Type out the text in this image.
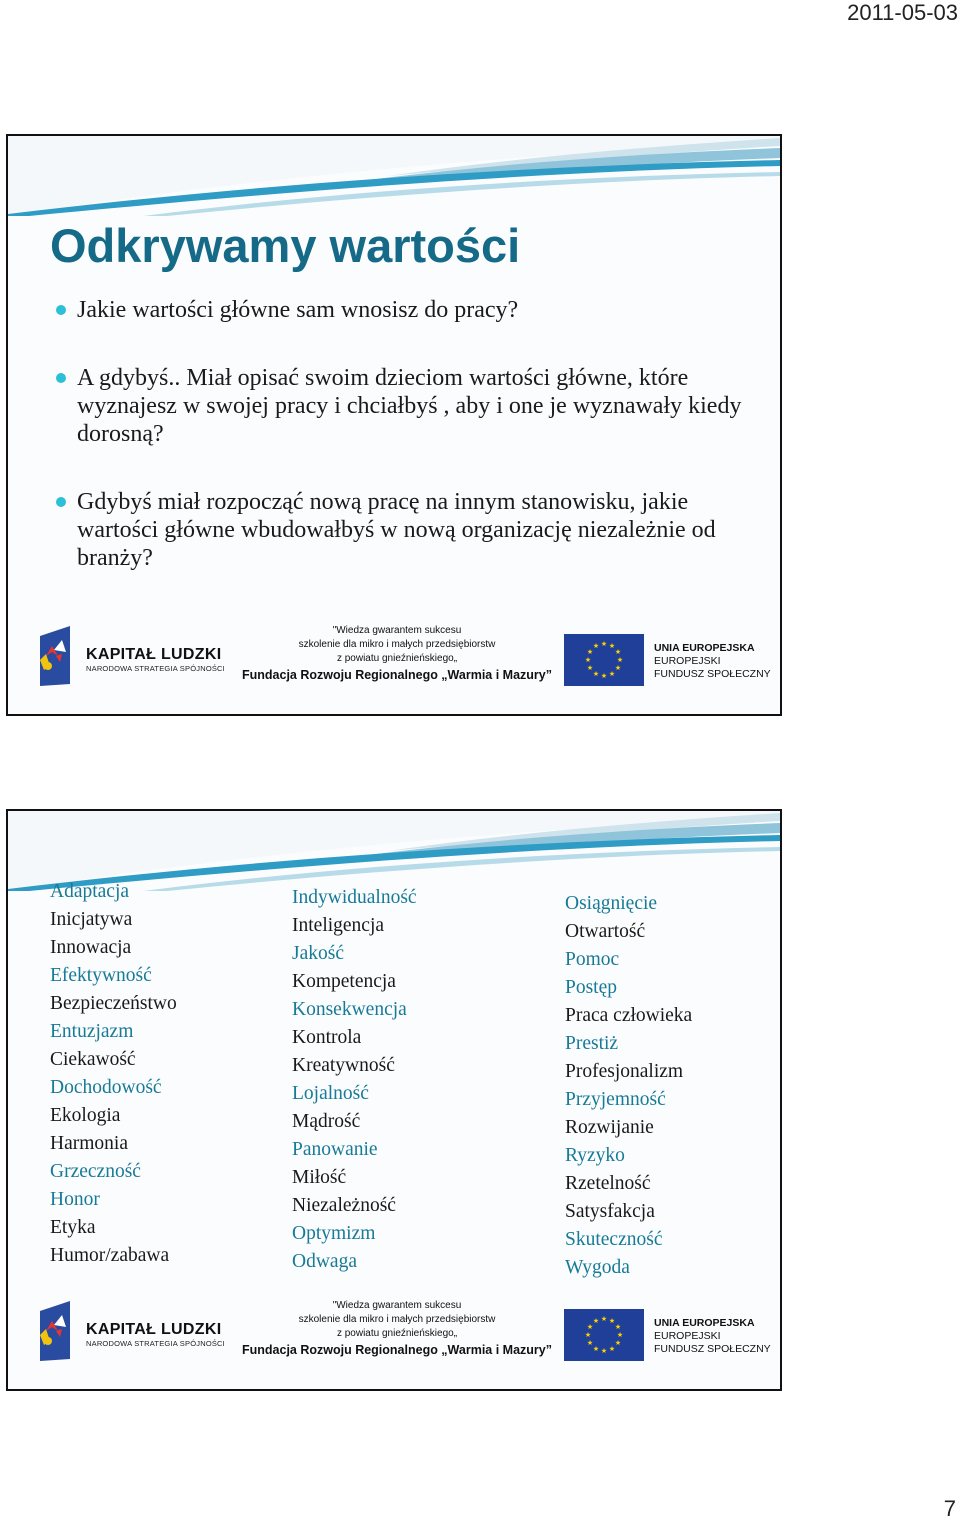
2011-05-03
Odkrywamy wartości
Jakie wartości główne sam wnosisz do pracy?
A gdybyś.. Miał opisać swoim dzieciom wartości główne, które wyznajesz w swojej pracy i chciałbyś , aby i one je wyznawały kiedy dorosną?
Gdybyś miał rozpocząć nową pracę na innym stanowisku, jakie wartości główne wbudowałbyś w nową organizację niezależnie od branży?
KAPITAŁ LUDZKI
NARODOWA STRATEGIA SPÓJNOŚCI
"Wiedza gwarantem sukcesu
szkolenie dla mikro i małych przedsiębiorstw
z powiatu gnieźnieńskiego„
Fundacja Rozwoju Regionalnego „Warmia i Mazury”
★ ★
★
★
★
★
★
★
★
★
★
★	UNIA EUROPEJSKA
EUROPEJSKI
FUNDUSZ SPOŁECZNY
Adaptacja
Inicjatywa
Innowacja
Efektywność
Bezpieczeństwo
Entuzjazm
Ciekawość
Dochodowość
Ekologia
Harmonia
Grzeczność
Honor
Etyka
Humor/zabawa
Indywidualność
Inteligencja
Jakość
Kompetencja
Konsekwencja
Kontrola
Kreatywność
Lojalność
Mądrość
Panowanie
Miłość
Niezależność
Optymizm
Odwaga
Osiągnięcie
Otwartość
Pomoc
Postęp
Praca człowieka
Prestiż
Profesjonalizm
Przyjemność
Rozwijanie
Ryzyko
Rzetelność
Satysfakcja
Skuteczność
Wygoda
KAPITAŁ LUDZKI
NARODOWA STRATEGIA SPÓJNOŚCI
"Wiedza gwarantem sukcesu
szkolenie dla mikro i małych przedsiębiorstw
z powiatu gnieźnieńskiego„
Fundacja Rozwoju Regionalnego „Warmia i Mazury”
★ ★
★
★
★
★
★
★
★
★
★
★	UNIA EUROPEJSKA
EUROPEJSKI
FUNDUSZ SPOŁECZNY
7
